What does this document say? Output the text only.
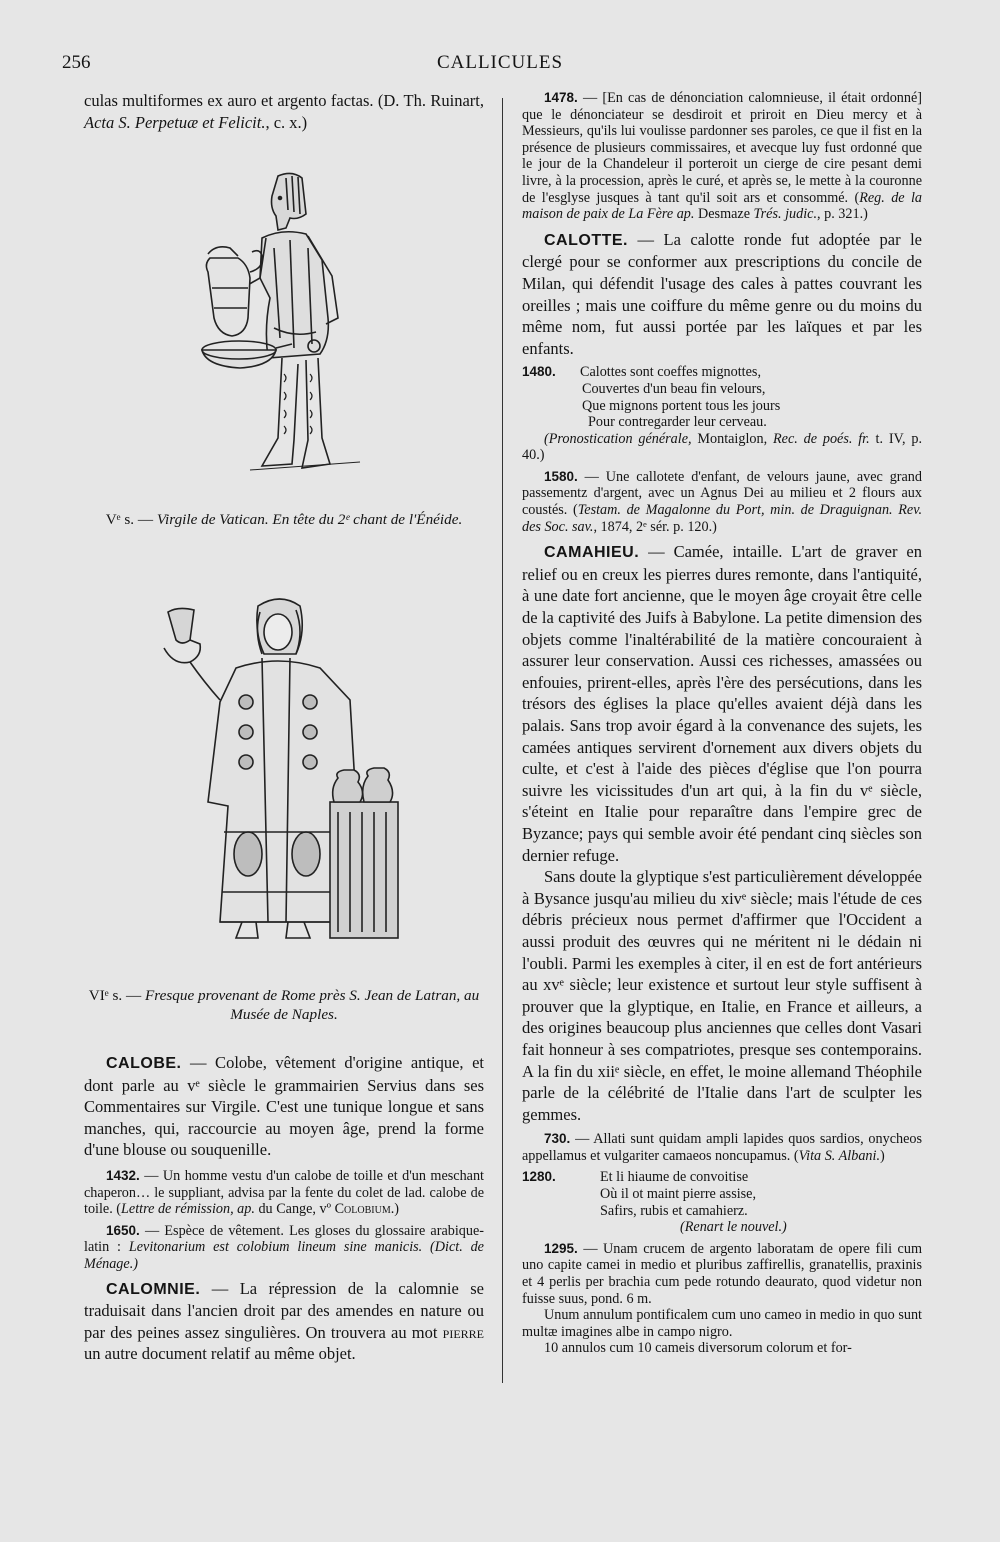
256	CALLICULES

culas multiformes ex auro et argento factas. (D. Th. Ruinart, Acta S. Perpetuæ et Felicit., c. x.)

Vᵉ s. — Virgile de Vatican. En tête du 2ᵉ chant de l'Énéide.

VIᵉ s. — Fresque provenant de Rome près S. Jean de Latran, au Musée de Naples.

CALOBE. — Colobe, vêtement d'origine antique, et dont parle au vᵉ siècle le grammairien Servius dans ses Commentaires sur Virgile. C'est une tunique longue et sans manches, qui, raccourcie au moyen âge, prend la forme d'une blouse ou souquenille.

1432. — Un homme vestu d'un calobe de toille et d'un meschant chaperon… le suppliant, advisa par la fente du colet de lad. calobe de toile. (Lettre de rémission, ap. du Cange, vº Colobium.)

1650. — Espèce de vêtement. Les gloses du glossaire arabique-latin : Levitonarium est colobium lineum sine manicis. (Dict. de Ménage.)

CALOMNIE. — La répression de la calomnie se traduisait dans l'ancien droit par des amendes en nature ou par des peines assez singulières. On trouvera au mot pierre un autre document relatif au même objet.

1478. — [En cas de dénonciation calomnieuse, il était ordonné] que le dénonciateur se desdiroit et priroit en Dieu mercy et à Messieurs, qu'ils lui voulisse pardonner ses paroles, ce que il fist en la présence de plusieurs commissaires, et avecque luy fust ordonné que le jour de la Chandeleur il porteroit un cierge de cire pesant demi livre, à la procession, après le curé, et après se, le mette à la couronne de l'esglyse jusques à tant qu'il soit ars et consommé. (Reg. de la maison de paix de La Fère ap. Desmaze Trés. judic., p. 321.)

CALOTTE. — La calotte ronde fut adoptée par le clergé pour se conformer aux prescriptions du concile de Milan, qui défendit l'usage des cales à pattes couvrant les oreilles ; mais une coiffure du même genre ou du moins du même nom, fut aussi portée par les laïques et par les enfants.

1480. Calottes sont coeffes mignottes,
Couvertes d'un beau fin velours,
Que mignons portent tous les jours
Pour contregarder leur cerveau.

(Pronostication générale, Montaiglon, Rec. de poés. fr. t. IV, p. 40.)

1580. — Une callotete d'enfant, de velours jaune, avec grand passementz d'argent, avec un Agnus Dei au milieu et 2 flours aux coustés. (Testam. de Magalonne du Port, min. de Draguignan. Rev. des Soc. sav., 1874, 2ᵉ sér. p. 120.)

CAMAHIEU. — Camée, intaille. L'art de graver en relief ou en creux les pierres dures remonte, dans l'antiquité, à une date fort ancienne, que le moyen âge croyait être celle de la captivité des Juifs à Babylone. La petite dimension des objets comme l'inaltérabilité de la matière concouraient à assurer leur conservation. Aussi ces richesses, amassées ou enfouies, prirent-elles, après l'ère des persécutions, dans les trésors des églises la place qu'elles avaient déjà dans les palais. Sans trop avoir égard à la convenance des sujets, les camées antiques servirent d'ornement aux divers objets du culte, et c'est à l'aide des pièces d'église que l'on pourra suivre les vicissitudes d'un art qui, à la fin du vᵉ siècle, s'éteint en Italie pour reparaître dans l'empire grec de Byzance; pays qui semble avoir été pendant cinq siècles son dernier refuge.

Sans doute la glyptique s'est particulièrement développée à Bysance jusqu'au milieu du xivᵉ siècle; mais l'étude de ces débris précieux nous permet d'affirmer que l'Occident a aussi produit des œuvres qui ne méritent ni le dédain ni l'oubli. Parmi les exemples à citer, il en est de fort antérieurs au xvᵉ siècle; leur existence et surtout leur style suffisent à prouver que la glyptique, en Italie, en France et ailleurs, a des origines beaucoup plus anciennes que celles dont Vasari fait honneur à ses compatriotes, presque ses contemporains. A la fin du xiiᵉ siècle, en effet, le moine allemand Théophile parle de la célébrité de l'Italie dans l'art de sculpter les gemmes.

730. — Allati sunt quidam ampli lapides quos sardios, onycheos appellamus et vulgariter camaeos noncupamus. (Vita S. Albani.)

1280.	Et li hiaume de convoitise
Où il ot maint pierre assise,
Safirs, rubis et camahierz.
(Renart le nouvel.)

1295. — Unam crucem de argento laboratam de opere fili cum uno capite camei in medio et pluribus zaffirellis, granatellis, praxinis et 4 perlis per brachia cum pede rotundo deaurato, quod videtur non fuisse suus, pond. 6 m.

Unum annulum pontificalem cum uno cameo in medio in quo sunt multæ imagines albe in campo nigro.

10 annulos cum 10 cameis diversorum colorum et for-
